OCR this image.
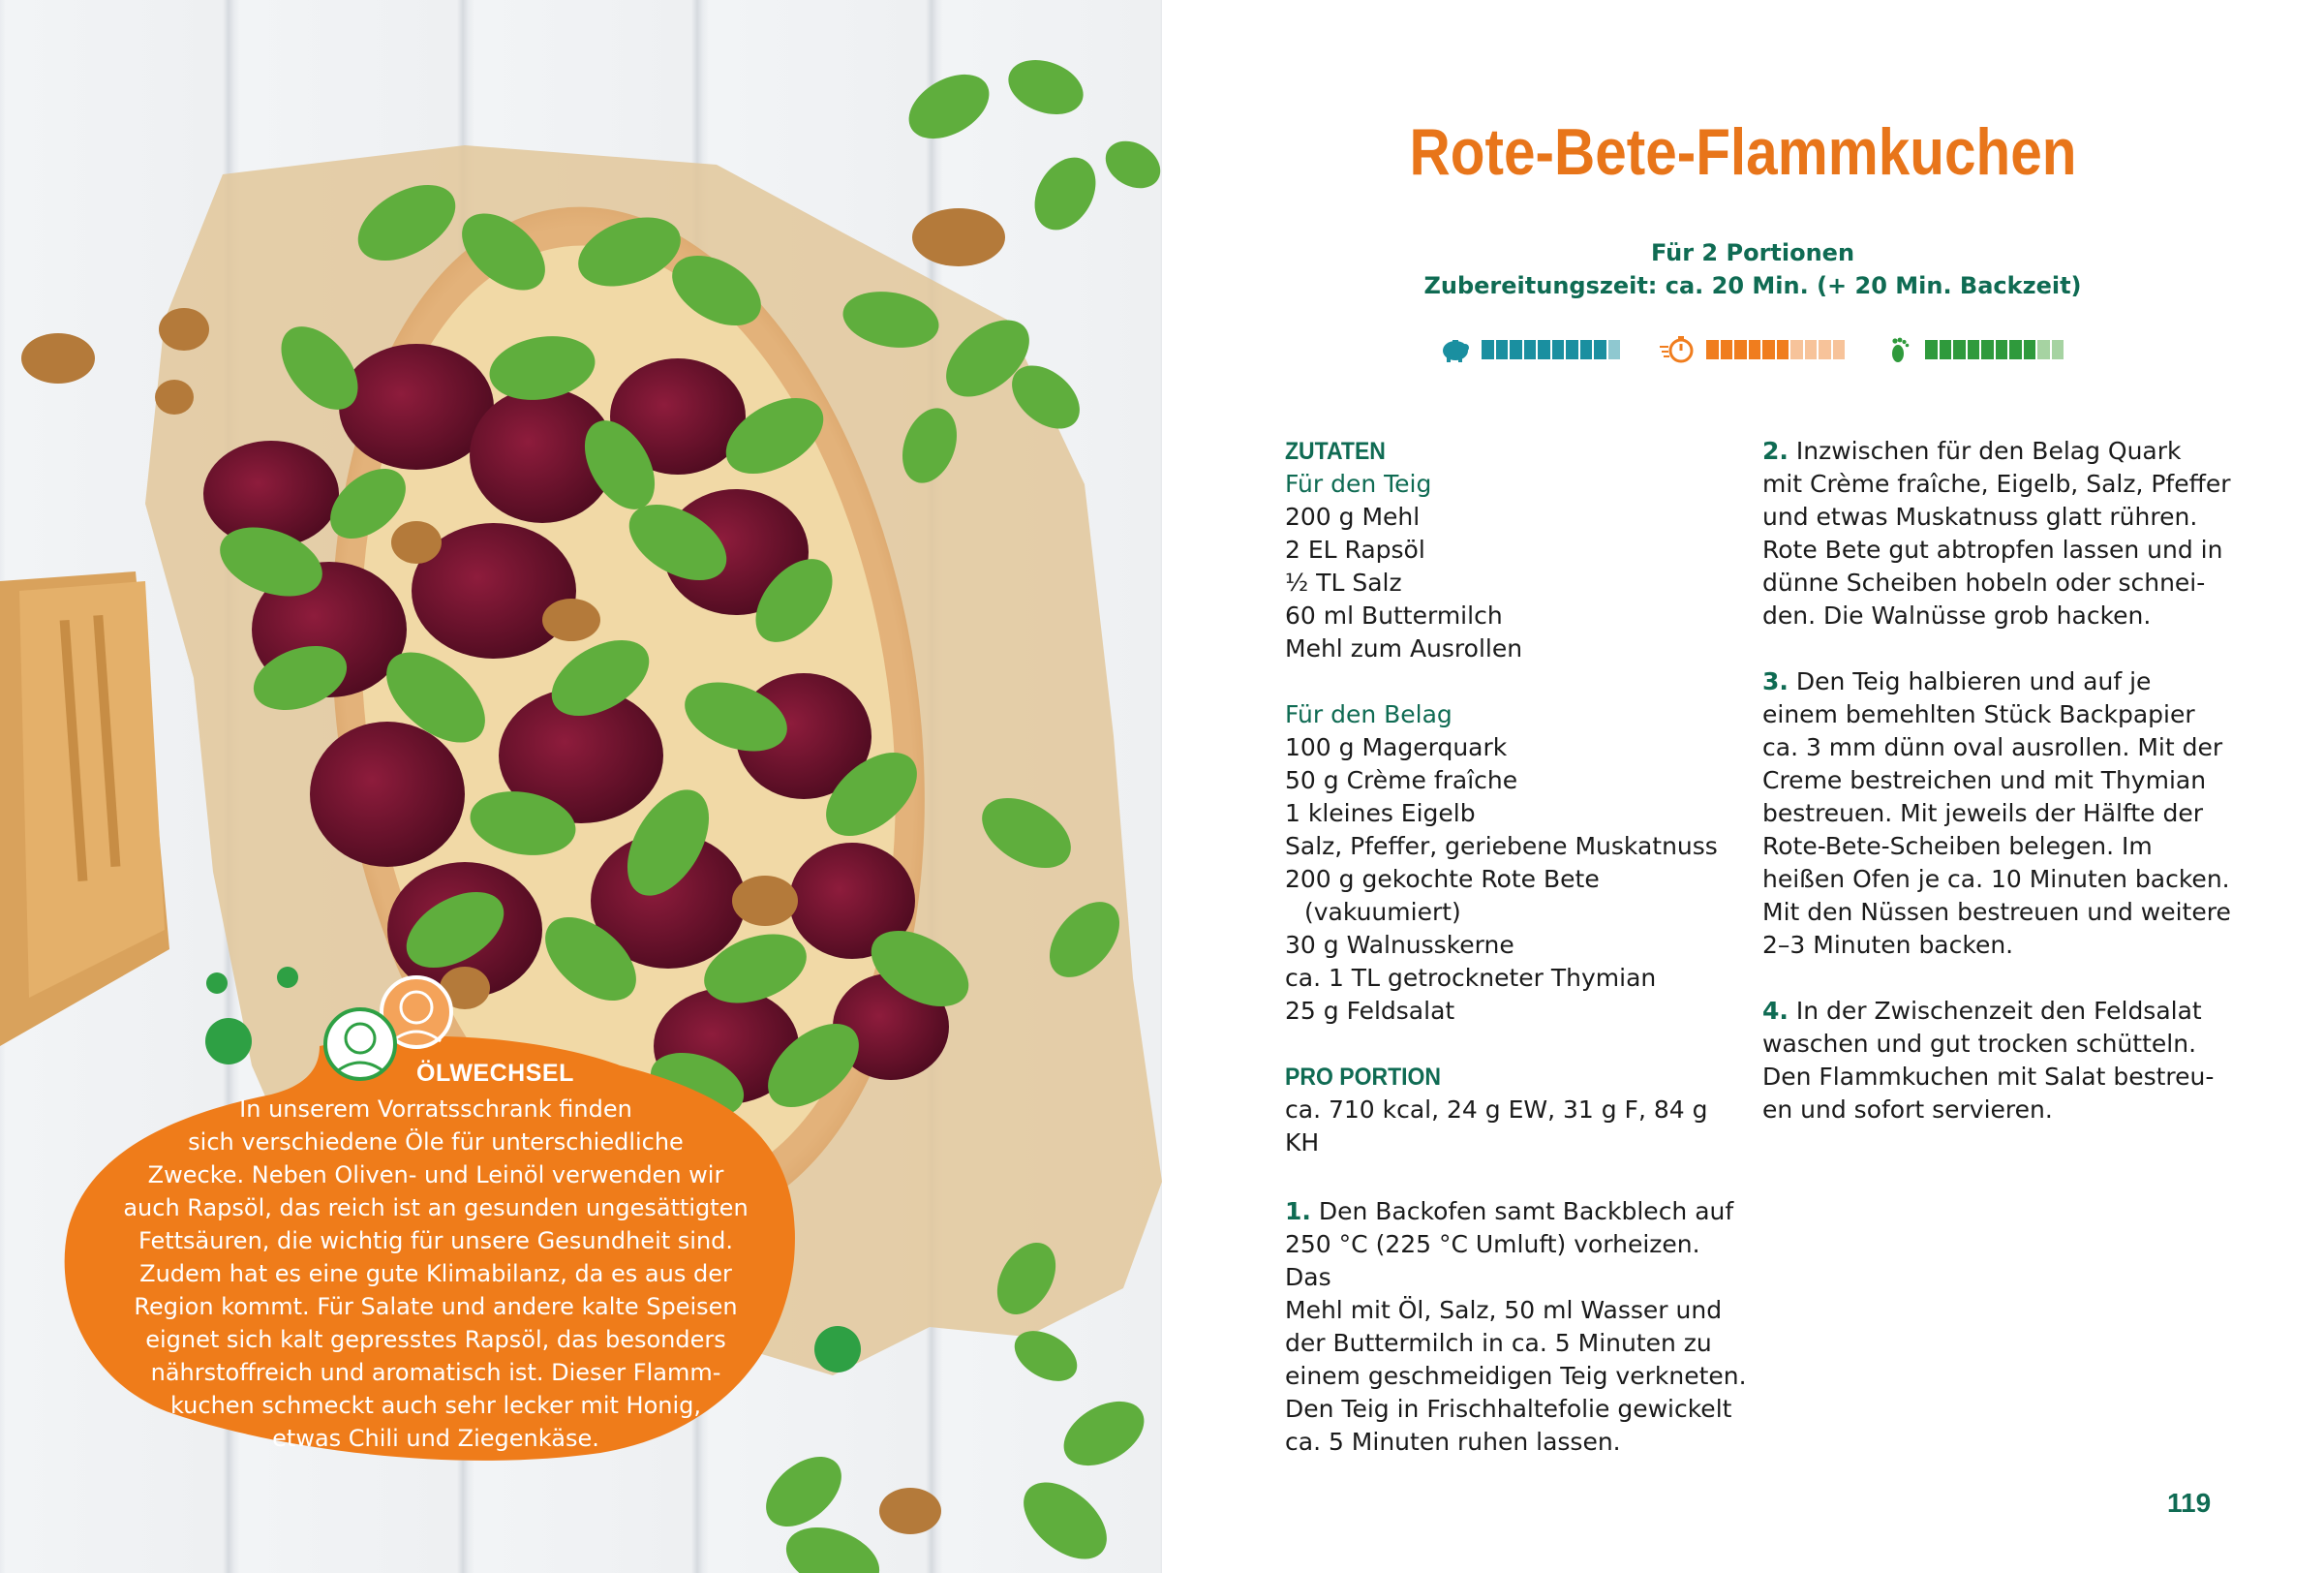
ÖLWECHSEL
In unserem Vorratsschrank finden
sich verschiedene Öle für unterschiedliche
Zwecke. Neben Oliven- und Leinöl verwenden wir
auch Rapsöl, das reich ist an gesunden ungesättigten
Fettsäuren, die wichtig für unsere Gesundheit sind.
Zudem hat es eine gute Klimabilanz, da es aus der
Region kommt. Für Salate und andere kalte Speisen
eignet sich kalt gepresstes Rapsöl, das besonders
nährstoffreich und aromatisch ist. Dieser Flamm-
kuchen schmeckt auch sehr lecker mit Honig,
etwas Chili und Ziegenkäse.
Rote-Bete-Flammkuchen
Für 2 Portionen
Zubereitungszeit: ca. 20 Min. (+ 20 Min. Backzeit)
ZUTATEN
Für den Teig
200 g Mehl
2 EL Rapsöl
½ TL Salz
60 ml Buttermilch
Mehl zum Ausrollen
Für den Belag
100 g Magerquark
50 g Crème fraîche
1 kleines Eigelb
Salz, Pfeffer, geriebene Muskatnuss
200 g gekochte Rote Bete
(vakuumiert)
30 g Walnusskerne
ca. 1 TL getrockneter Thymian
25 g Feldsalat
PRO PORTION
ca. 710 kcal, 24 g EW, 31 g F, 84 g KH
1. Den Backofen samt Backblech auf
250 °C (225 °C Umluft) vorheizen. Das
Mehl mit Öl, Salz, 50 ml Wasser und
der Buttermilch in ca. 5 Minuten zu
einem geschmeidigen Teig verkneten.
Den Teig in Frischhaltefolie gewickelt
ca. 5 Minuten ruhen lassen.
2. Inzwischen für den Belag Quark
mit Crème fraîche, Eigelb, Salz, Pfeffer
und etwas Muskatnuss glatt rühren.
Rote Bete gut abtropfen lassen und in
dünne Scheiben hobeln oder schnei-
den. Die Walnüsse grob hacken.
3. Den Teig halbieren und auf je
einem bemehlten Stück Backpapier
ca. 3 mm dünn oval ausrollen. Mit der
Creme bestreichen und mit Thymian
bestreuen. Mit jeweils der Hälfte der
Rote-Bete-Scheiben belegen. Im
heißen Ofen je ca. 10 Minuten backen.
Mit den Nüssen bestreuen und weitere
2–3 Minuten backen.
4. In der Zwischenzeit den Feldsalat
waschen und gut trocken schütteln.
Den Flammkuchen mit Salat bestreu-
en und sofort servieren.
119
